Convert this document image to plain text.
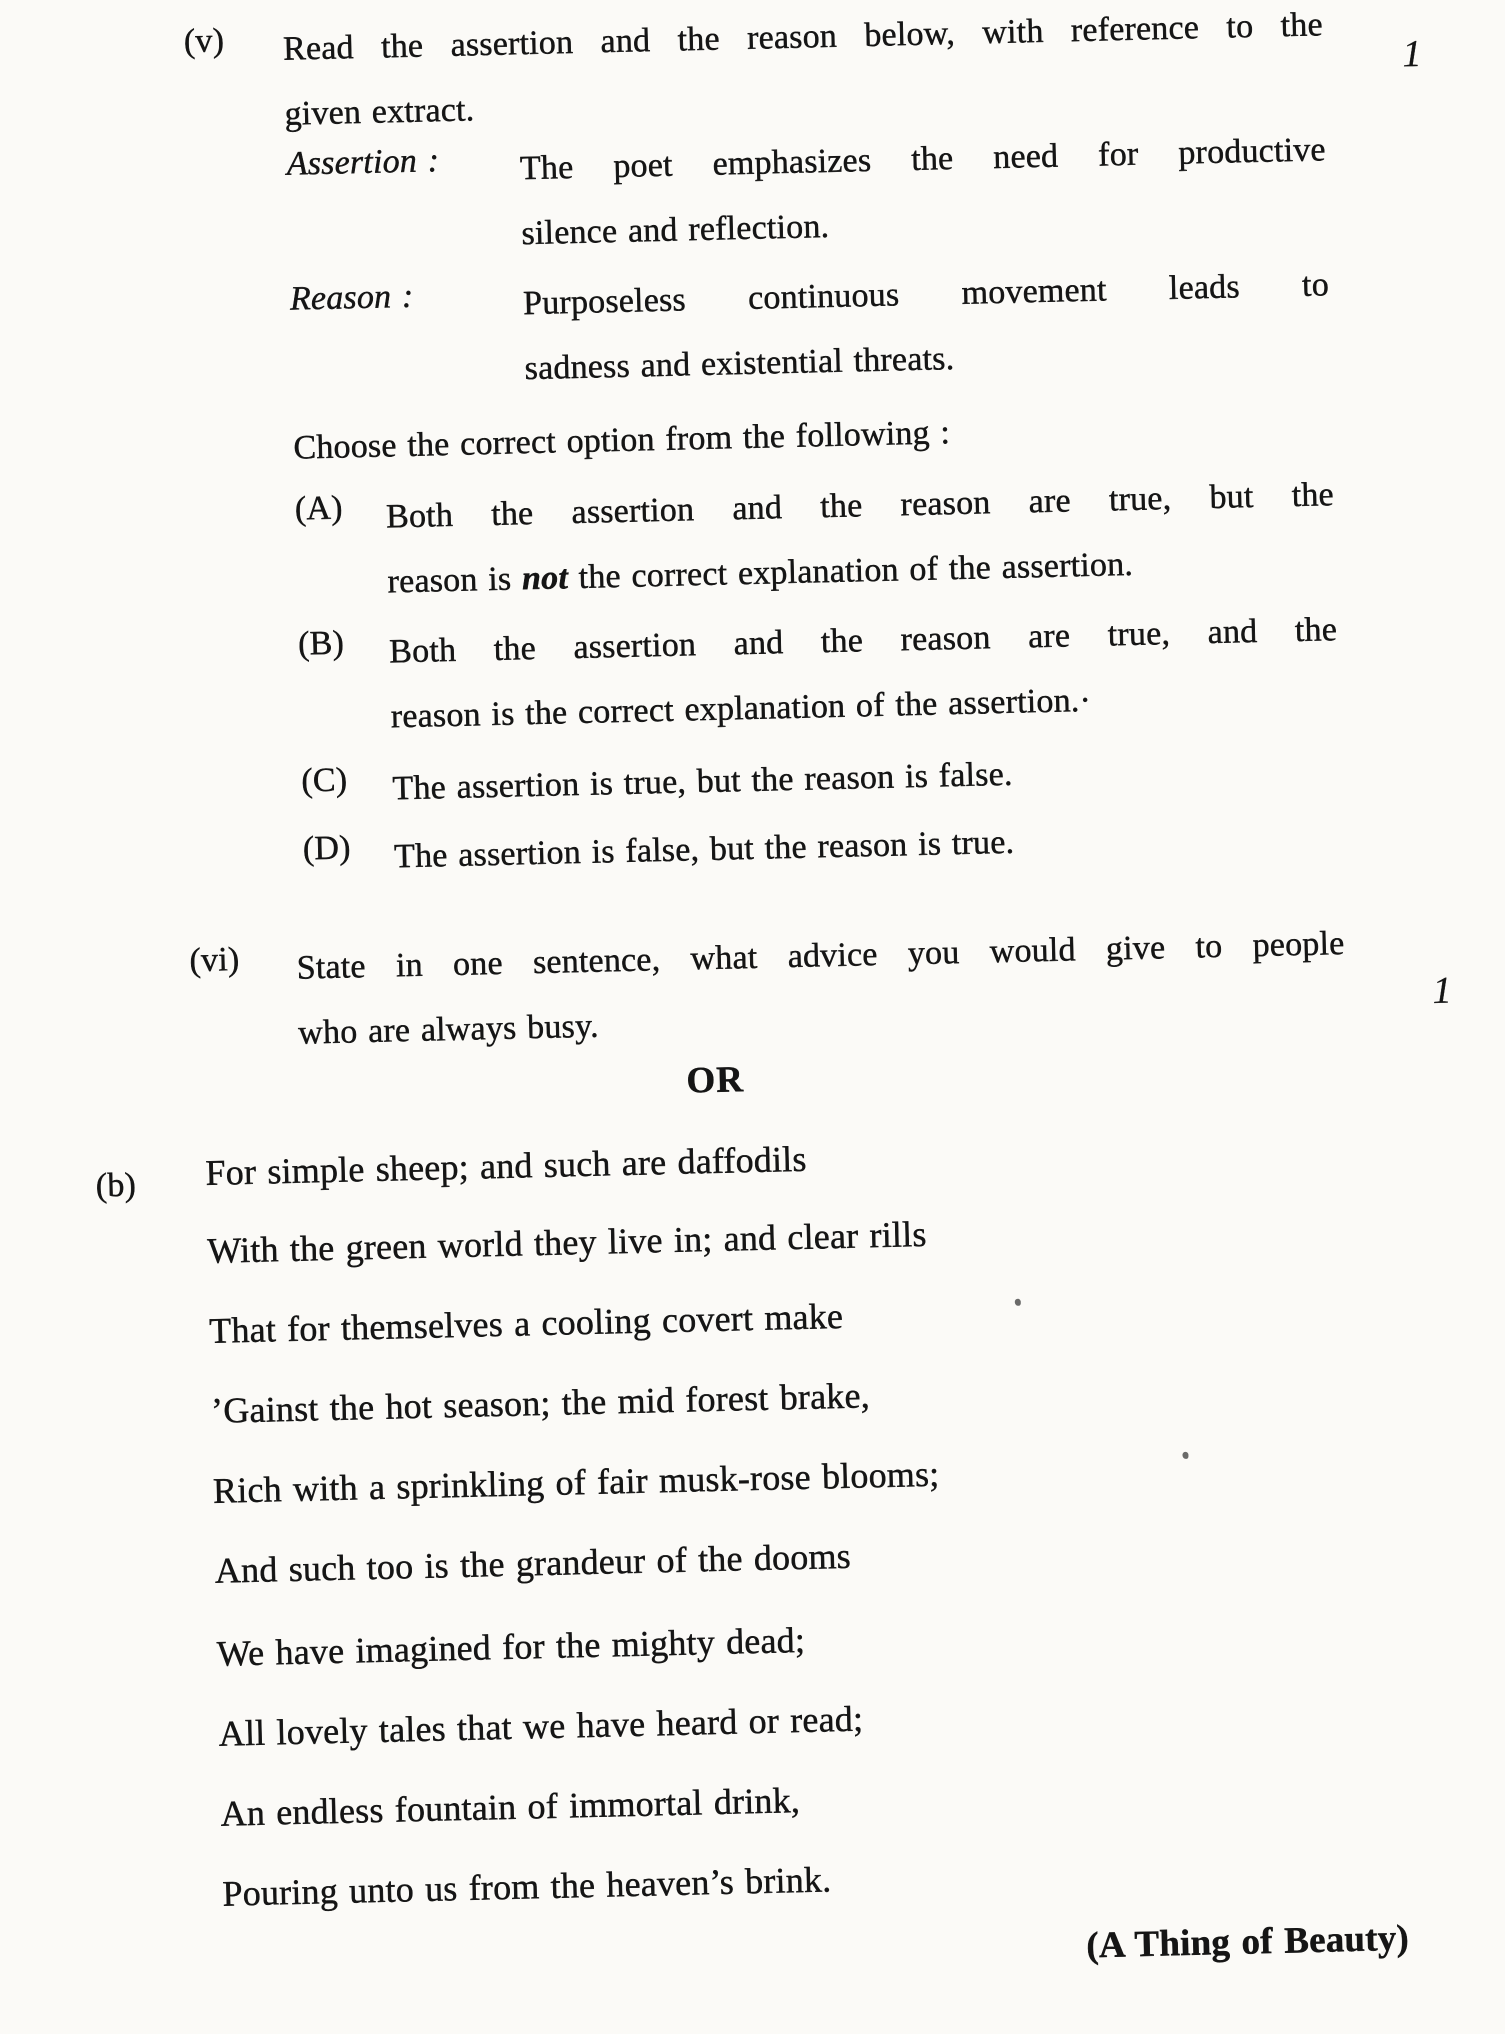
(v) Read the assertion and the reason below, with reference to the
given extract.
1
Assertion : The poet emphasizes the need for productive
silence and reflection.
Reason :	Purposeless continuous movement leads to
sadness and existential threats.
Choose the correct option from the following :
(A) Both the assertion and the reason are true, but the
reason is not the correct explanation of the assertion.
(B) Both the assertion and the reason are true, and the
reason is the correct explanation of the assertion.·
(C) The assertion is true, but the reason is false.
(D) The assertion is false, but the reason is true.
(vi) State in one sentence, what advice you would give to people
who are always busy.
1
OR
(b) For simple sheep; and such are daffodils
With the green world they live in; and clear rills
That for themselves a cooling covert make
’Gainst the hot season; the mid forest brake,
Rich with a sprinkling of fair musk-rose blooms;
And such too is the grandeur of the dooms
We have imagined for the mighty dead;
All lovely tales that we have heard or read;
An endless fountain of immortal drink,
Pouring unto us from the heaven’s brink.
(A Thing of Beauty)
